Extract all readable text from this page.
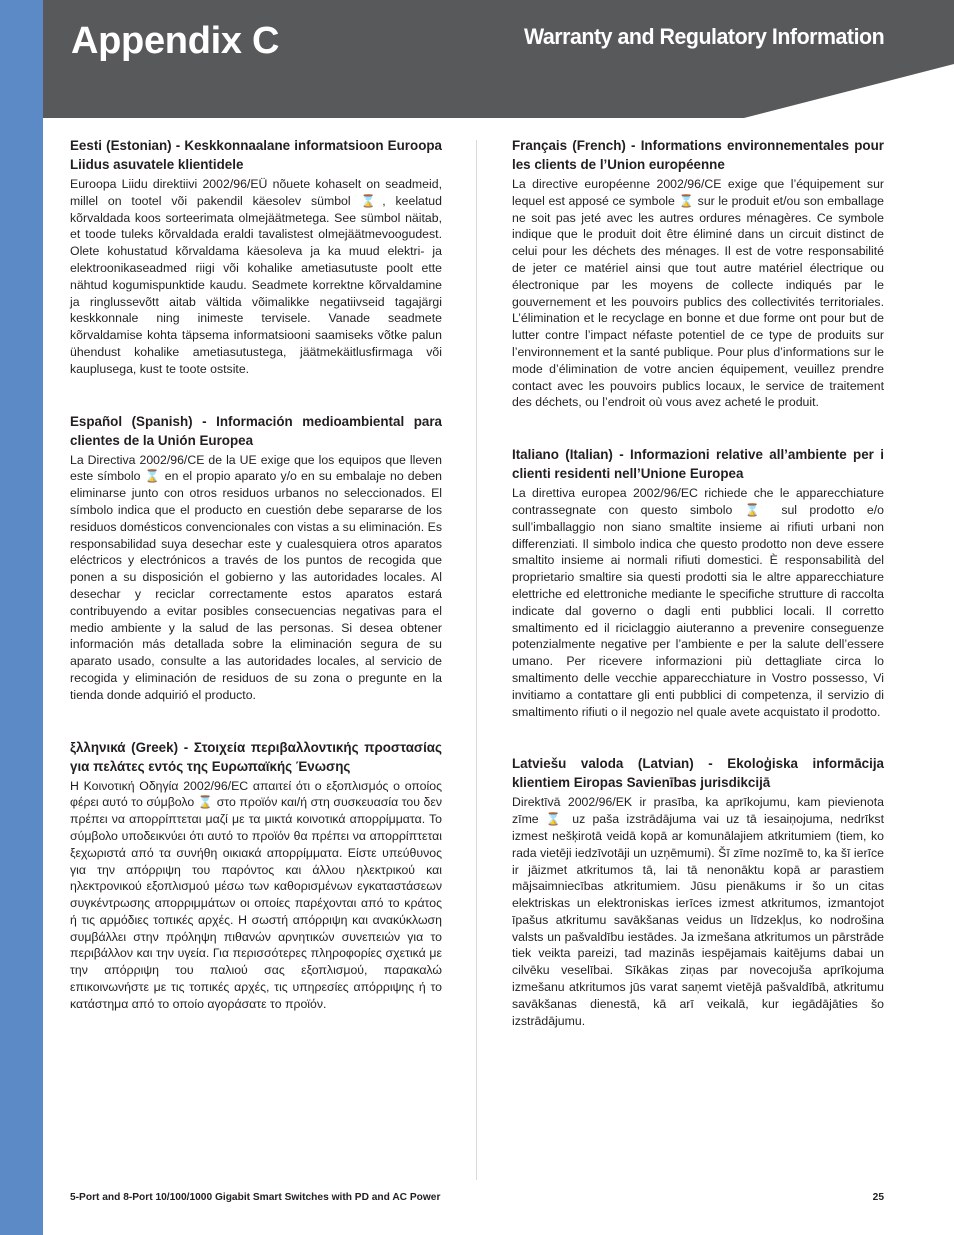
Appendix C	Warranty and Regulatory Information

Eesti (Estonian) - Keskkonnaalane informatsioon Euroopa Liidus asuvatele klientidele

Euroopa Liidu direktiivi 2002/96/EÜ nõuete kohaselt on seadmeid, millel on tootel või pakendil käesolev sümbol ⌛, keelatud kõrvaldada koos sorteerimata olmejäätmetega. See sümbol näitab, et toode tuleks kõrvaldada eraldi tavalistest olmejäätmevoogudest. Olete kohustatud kõrvaldama käesoleva ja ka muud elektri- ja elektroonikaseadmed riigi või kohalike ametiasutuste poolt ette nähtud kogumispunktide kaudu. Seadmete korrektne kõrvaldamine ja ringlussevõtt aitab vältida võimalikke negatiivseid tagajärgi keskkonnale ning inimeste tervisele. Vanade seadmete kõrvaldamise kohta täpsema informatsiooni saamiseks võtke palun ühendust kohalike ametiasutustega, jäätmekäitlusfirmaga või kauplusega, kust te toote ostsite.

Español (Spanish) - Información medioambiental para clientes de la Unión Europea

La Directiva 2002/96/CE de la UE exige que los equipos que lleven este símbolo ⌛ en el propio aparato y/o en su embalaje no deben eliminarse junto con otros residuos urbanos no seleccionados. El símbolo indica que el producto en cuestión debe separarse de los residuos domésticos convencionales con vistas a su eliminación. Es responsabilidad suya desechar este y cualesquiera otros aparatos eléctricos y electrónicos a través de los puntos de recogida que ponen a su disposición el gobierno y las autoridades locales. Al desechar y reciclar correctamente estos aparatos estará contribuyendo a evitar posibles consecuencias negativas para el medio ambiente y la salud de las personas. Si desea obtener información más detallada sobre la eliminación segura de su aparato usado, consulte a las autoridades locales, al servicio de recogida y eliminación de residuos de su zona o pregunte en la tienda donde adquirió el producto.

ξλληνικά (Greek) - Στοιχεία περιβαλλοντικής προστασίας για πελάτες εντός της Ευρωπαϊκής Ένωσης

Η Κοινοτική Οδηγία 2002/96/EC απαιτεί ότι ο εξοπλισμός ο οποίος φέρει αυτό το σύμβολο ⌛ στο προϊόν και/ή στη συσκευασία του δεν πρέπει να απορρίπτεται μαζί με τα μικτά κοινοτικά απορρίμματα. Το σύμβολο υποδεικνύει ότι αυτό το προϊόν θα πρέπει να απορρίπτεται ξεχωριστά από τα συνήθη οικιακά απορρίμματα. Είστε υπεύθυνος για την απόρριψη του παρόντος και άλλου ηλεκτρικού και ηλεκτρονικού εξοπλισμού μέσω των καθορισμένων εγκαταστάσεων συγκέντρωσης απορριμμάτων οι οποίες παρέχονται από το κράτος ή τις αρμόδιες τοπικές αρχές. Η σωστή απόρριψη και ανακύκλωση συμβάλλει στην πρόληψη πιθανών αρνητικών συνεπειών για το περιβάλλον και την υγεία. Για περισσότερες πληροφορίες σχετικά με την απόρριψη του παλιού σας εξοπλισμού, παρακαλώ επικοινωνήστε με τις τοπικές αρχές, τις υπηρεσίες απόρριψης ή το κατάστημα από το οποίο αγοράσατε το προϊόν.

Français (French) - Informations environnementales pour les clients de l’Union européenne

La directive européenne 2002/96/CE exige que l’équipement sur lequel est apposé ce symbole ⌛ sur le produit et/ou son emballage ne soit pas jeté avec les autres ordures ménagères. Ce symbole indique que le produit doit être éliminé dans un circuit distinct de celui pour les déchets des ménages. Il est de votre responsabilité de jeter ce matériel ainsi que tout autre matériel électrique ou électronique par les moyens de collecte indiqués par le gouvernement et les pouvoirs publics des collectivités territoriales. L’élimination et le recyclage en bonne et due forme ont pour but de lutter contre l’impact néfaste potentiel de ce type de produits sur l’environnement et la santé publique. Pour plus d’informations sur le mode d’élimination de votre ancien équipement, veuillez prendre contact avec les pouvoirs publics locaux, le service de traitement des déchets, ou l’endroit où vous avez acheté le produit.

Italiano (Italian) - Informazioni relative all’ambiente per i clienti residenti nell’Unione Europea

La direttiva europea 2002/96/EC richiede che le apparecchiature contrassegnate con questo simbolo ⌛ sul prodotto e/o sull’imballaggio non siano smaltite insieme ai rifiuti urbani non differenziati. Il simbolo indica che questo prodotto non deve essere smaltito insieme ai normali rifiuti domestici. È responsabilità del proprietario smaltire sia questi prodotti sia le altre apparecchiature elettriche ed elettroniche mediante le specifiche strutture di raccolta indicate dal governo o dagli enti pubblici locali. Il corretto smaltimento ed il riciclaggio aiuteranno a prevenire conseguenze potenzialmente negative per l’ambiente e per la salute dell’essere umano. Per ricevere informazioni più dettagliate circa lo smaltimento delle vecchie apparecchiature in Vostro possesso, Vi invitiamo a contattare gli enti pubblici di competenza, il servizio di smaltimento rifiuti o il negozio nel quale avete acquistato il prodotto.

Latviešu valoda (Latvian) - Ekoloģiska informācija klientiem Eiropas Savienības jurisdikcijā

Direktīvā 2002/96/EK ir prasība, ka aprīkojumu, kam pievienota zīme ⌛ uz paša izstrādājuma vai uz tā iesaiņojuma, nedrīkst izmest nešķirotā veidā kopā ar komunālajiem atkritumiem (tiem, ko rada vietēji iedzīvotāji un uzņēmumi). Šī zīme nozīmē to, ka šī ierīce ir jāizmet atkritumos tā, lai tā nenonāktu kopā ar parastiem mājsaimniecības atkritumiem. Jūsu pienākums ir šo un citas elektriskas un elektroniskas ierīces izmest atkritumos, izmantojot īpašus atkritumu savākšanas veidus un līdzekļus, ko nodrošina valsts un pašvaldību iestādes. Ja izmešana atkritumos un pārstrāde tiek veikta pareizi, tad mazinās iespējamais kaitējums dabai un cilvēku veselībai. Sīkākas ziņas par novecojuša aprīkojuma izmešanu atkritumos jūs varat saņemt vietējā pašvaldībā, atkritumu savākšanas dienestā, kā arī veikalā, kur iegādājāties šo izstrādājumu.

5-Port and 8-Port 10/100/1000 Gigabit Smart Switches with PD and AC Power	25
